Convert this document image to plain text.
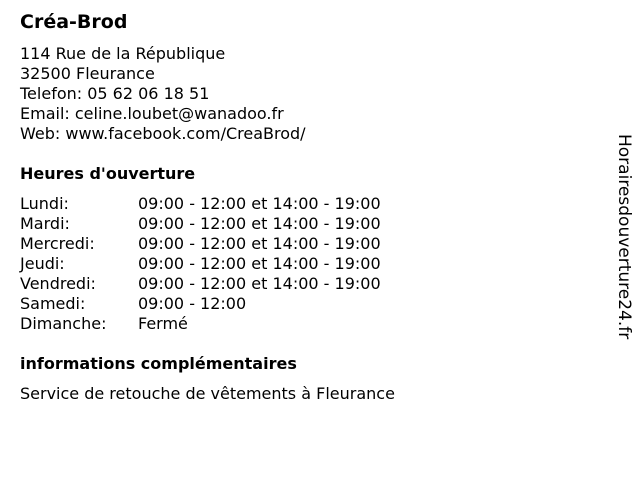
Créa-Brod
114 Rue de la République
32500 Fleurance
Telefon: 05 62 06 18 51
Email: celine.loubet@wanadoo.fr
Web: www.facebook.com/CreaBrod/
Heures d'ouverture
Lundi:	09:00 - 12:00 et 14:00 - 19:00
Mardi:	09:00 - 12:00 et 14:00 - 19:00
Mercredi:	09:00 - 12:00 et 14:00 - 19:00
Jeudi:	09:00 - 12:00 et 14:00 - 19:00
Vendredi:	09:00 - 12:00 et 14:00 - 19:00
Samedi:	09:00 - 12:00
Dimanche:	Fermé
informations complémentaires
Service de retouche de vêtements à Fleurance
Horairesdouverture24.fr
